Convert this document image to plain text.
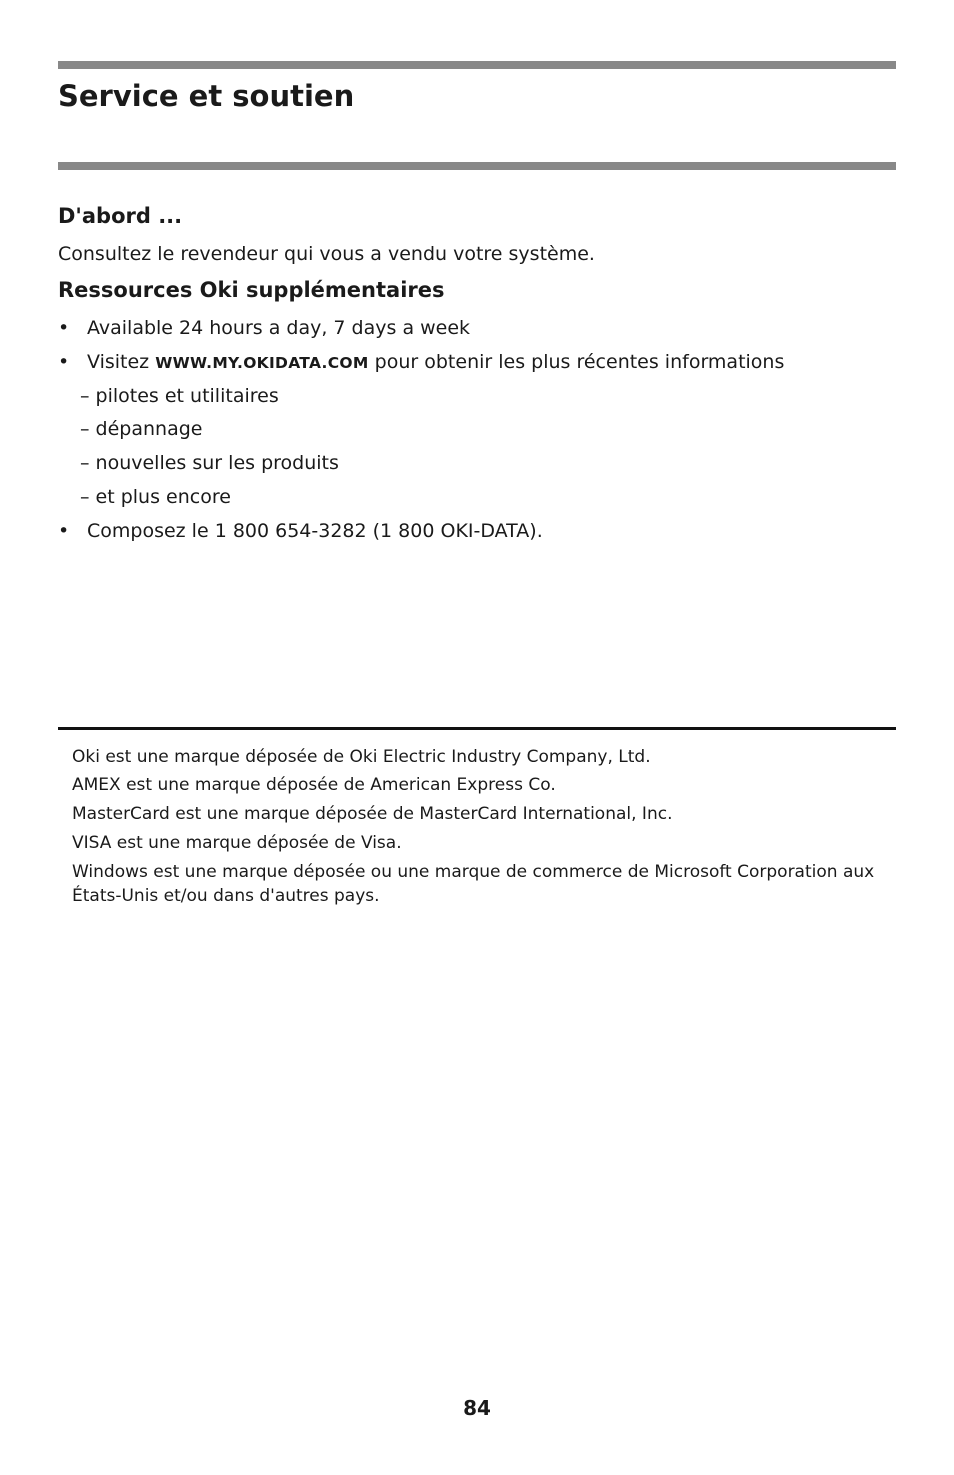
Service et soutien
D'abord ...

Consultez le revendeur qui vous a vendu votre système.

Ressources Oki supplémentaires
• Available 24 hours a day, 7 days a week
• Visitez WWW.MY.OKIDATA.COM pour obtenir les plus récentes informations
– pilotes et utilitaires
– dépannage
– nouvelles sur les produits
– et plus encore
• Composez le 1 800 654-3282 (1 800 OKI-DATA).

Oki est une marque déposée de Oki Electric Industry Company, Ltd.

AMEX est une marque déposée de American Express Co.

MasterCard est une marque déposée de MasterCard International, Inc.

VISA est une marque déposée de Visa.

Windows est une marque déposée ou une marque de commerce de Microsoft Corporation aux États-Unis et/ou dans d'autres pays.

84
